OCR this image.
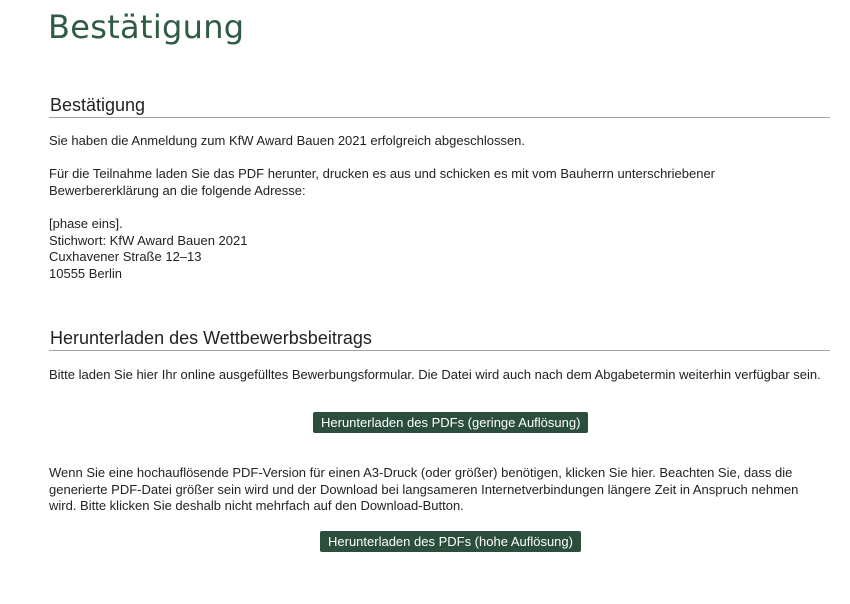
Bestätigung
Bestätigung

Sie haben die Anmeldung zum KfW Award Bauen 2021 erfolgreich abgeschlossen.

Für die Teilnahme laden Sie das PDF herunter, drucken es aus und schicken es mit vom Bauherrn unterschriebener Bewerbererklärung an die folgende Adresse:

[phase eins].
Stichwort: KfW Award Bauen 2021
Cuxhavener Straße 12–13
10555 Berlin
Herunterladen des Wettbewerbsbeitrags

Bitte laden Sie hier Ihr online ausgefülltes Bewerbungsformular. Die Datei wird auch nach dem Abgabetermin weiterhin verfügbar sein.

Herunterladen des PDFs (geringe Auflösung)

Wenn Sie eine hochauflösende PDF-Version für einen A3-Druck (oder größer) benötigen, klicken Sie hier. Beachten Sie, dass die generierte PDF-Datei größer sein wird und der Download bei langsameren Internetverbindungen längere Zeit in Anspruch nehmen wird. Bitte klicken Sie deshalb nicht mehrfach auf den Download-Button.

Herunterladen des PDFs (hohe Auflösung)
